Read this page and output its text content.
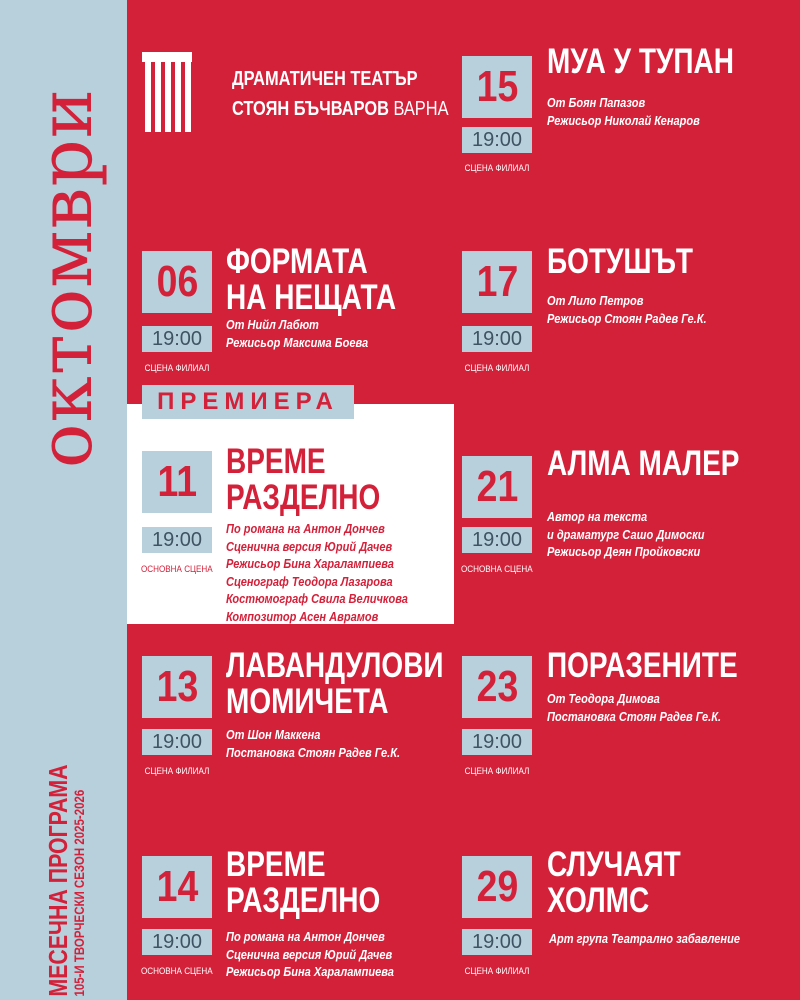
октомври
МЕСЕЧНА ПРОГРАМА
105-И ТВОРЧЕСКИ СЕЗОН 2025-2026
ДРАМАТИЧЕН ТЕАТЪР
СТОЯН БЪЧВАРОВ ВАРНА 15
19:00
СЦЕНА ФИЛИАЛ
МУА У ТУПАН
От Боян Папазов
Режисьор Николай Кенаров
06
19:00
СЦЕНА ФИЛИАЛ
ФОРМАТА
НА НЕЩАТА
От Нийл Лабют
Режисьор Максима Боева
17
19:00
СЦЕНА ФИЛИАЛ
БОТУШЪТ
От Лило Петров
Режисьор Стоян Радев Ге.К.
ПРЕМИЕРА
11
19:00
ОСНОВНА СЦЕНА
ВРЕМЕ
РАЗДЕЛНО
По романа на Антон Дончев
Сценична версия Юрий Дачев
Режисьор Бина Харалампиева
Сценограф Теодора Лазарова
Костюмограф Свила Величкова
Композитор Асен Аврамов
21
19:00
ОСНОВНА СЦЕНА
АЛМА МАЛЕР
Автор на текста
и драматург Сашо Димоски
Режисьор Деян Пройковски
13
19:00
СЦЕНА ФИЛИАЛ
ЛАВАНДУЛОВИ
МОМИЧЕТА
От Шон Маккена
Постановка Стоян Радев Ге.К.
23
19:00
СЦЕНА ФИЛИАЛ
ПОРАЗЕНИТЕ
От Теодора Димова
Постановка Стоян Радев Ге.К.
14
19:00
ОСНОВНА СЦЕНА
ВРЕМЕ
РАЗДЕЛНО
По романа на Антон Дончев
Сценична версия Юрий Дачев
Режисьор Бина Харалампиева
29
19:00
СЦЕНА ФИЛИАЛ
СЛУЧАЯТ
ХОЛМС
Арт група Театрално забавление
